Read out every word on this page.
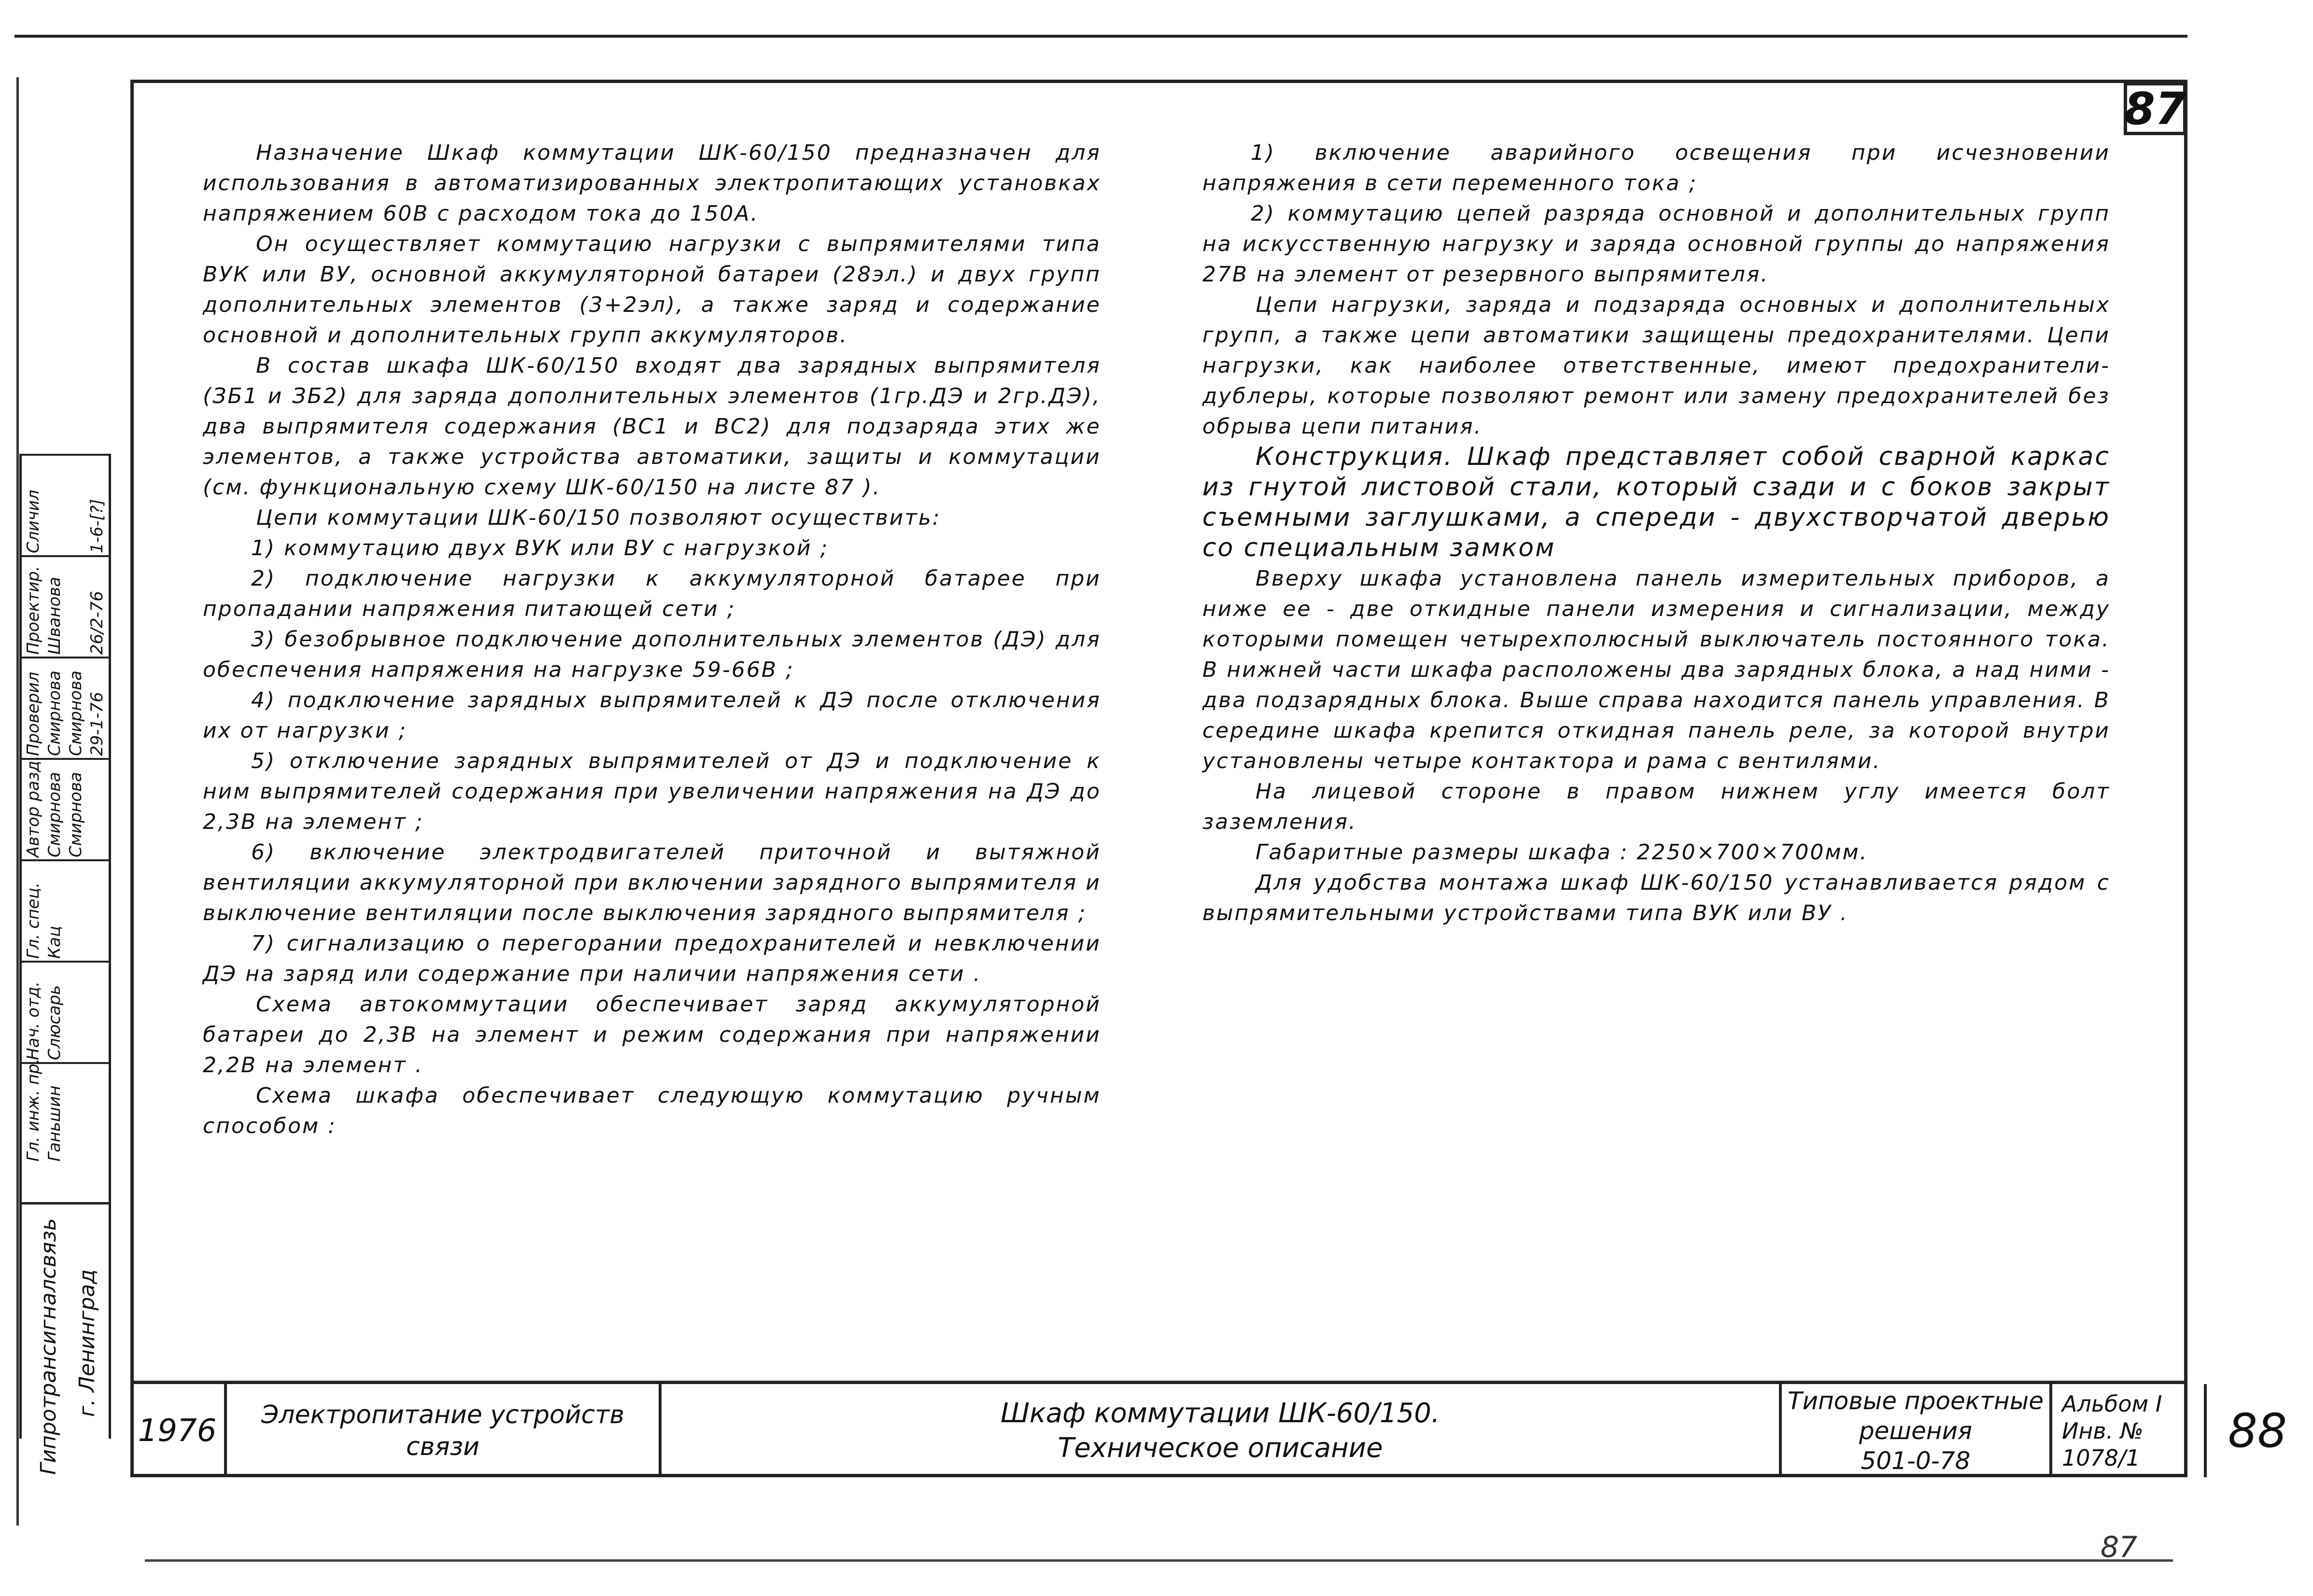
87

Назначение Шкаф коммутации ШК-60/150 предназначен для использования в автоматизированных электропитающих установках напряжением 60В с расходом тока до 150А.

Он осуществляет коммутацию нагрузки с выпрямителями типа ВУК или ВУ, основной аккумуляторной батареи (28эл.) и двух групп дополнительных элементов (3+2эл), а также заряд и содержание основной и дополнительных групп аккумуляторов.

В состав шкафа ШК-60/150 входят два зарядных выпрямителя (ЗБ1 и ЗБ2) для заряда дополнительных элементов (1гр.ДЭ и 2гр.ДЭ), два выпрямителя содержания (ВС1 и ВС2) для подзаряда этих же элементов, а также устройства автоматики, защиты и коммутации (см. функциональную схему ШК-60/150 на листе 87 ).

Цепи коммутации ШК-60/150 позволяют осуществить:

1) коммутацию двух ВУК или ВУ с нагрузкой ;

2) подключение нагрузки к аккумуляторной батарее при пропадании напряжения питающей сети ;

3) безобрывное подключение дополнительных элементов (ДЭ) для обеспечения напряжения на нагрузке 59-66В ;

4) подключение зарядных выпрямителей к ДЭ после отключения их от нагрузки ;

5) отключение зарядных выпрямителей от ДЭ и подключение к ним выпрямителей содержания при увеличении напряжения на ДЭ до 2,3В на элемент ;

6) включение электродвигателей приточной и вытяжной вентиляции аккумуляторной при включении зарядного выпрямителя и выключение вентиляции после выключения зарядного выпрямителя ;

7) сигнализацию о перегорании предохранителей и невключении ДЭ на заряд или содержание при наличии напряжения сети .

Схема автокоммутации обеспечивает заряд аккумуляторной батареи до 2,3В на элемент и режим содержания при напряжении 2,2В на элемент .

Схема шкафа обеспечивает следующую коммутацию ручным способом :

1) включение аварийного освещения при исчезновении напряжения в сети переменного тока ;

2) коммутацию цепей разряда основной и дополнительных групп на искусственную нагрузку и заряда основной группы до напряжения 27В на элемент от резервного выпрямителя.

Цепи нагрузки, заряда и подзаряда основных и дополнительных групп, а также цепи автоматики защищены предохранителями. Цепи нагрузки, как наиболее ответственные, имеют предохранители-дублеры, которые позволяют ремонт или замену предохранителей без обрыва цепи питания.

Конструкция. Шкаф представляет собой сварной каркас из гнутой листовой стали, который сзади и с боков закрыт съемными заглушками, а спереди - двухстворчатой дверью со специальным замком

Вверху шкафа установлена панель измерительных приборов, а ниже ее - две откидные панели измерения и сигнализации, между которыми помещен четырехполюсный выключатель постоянного тока. В нижней части шкафа расположены два зарядных блока, а над ними - два подзарядных блока. Выше справа находится панель управления. В середине шкафа крепится откидная панель реле, за которой внутри установлены четыре контактора и рама с вентилями.

На лицевой стороне в правом нижнем углу имеется болт заземления.

Габаритные размеры шкафа : 2250×700×700мм.

Для удобства монтажа шкаф ШК-60/150 устанавливается рядом с выпрямительными устройствами типа ВУК или ВУ .

Сличил	1-6-[?]
Проектир. Шванова 26/2-76
Проверил Смирнова Смирнова 29-1-76
Автор разд. Смирнова Смирнова
Гл. спец. Кац
Нач. отд. Слюсарь
Гл. инж. пр. Ганьшин
Гипротрансигналсвязь г. Ленинград
1976 Электропитание устройств
связи
Шкаф коммутации ШК-60/150.
Техническое описание
Типовые проектные
решения
501-0-78
Альбом I
Инв. №
1078/1 88
87
